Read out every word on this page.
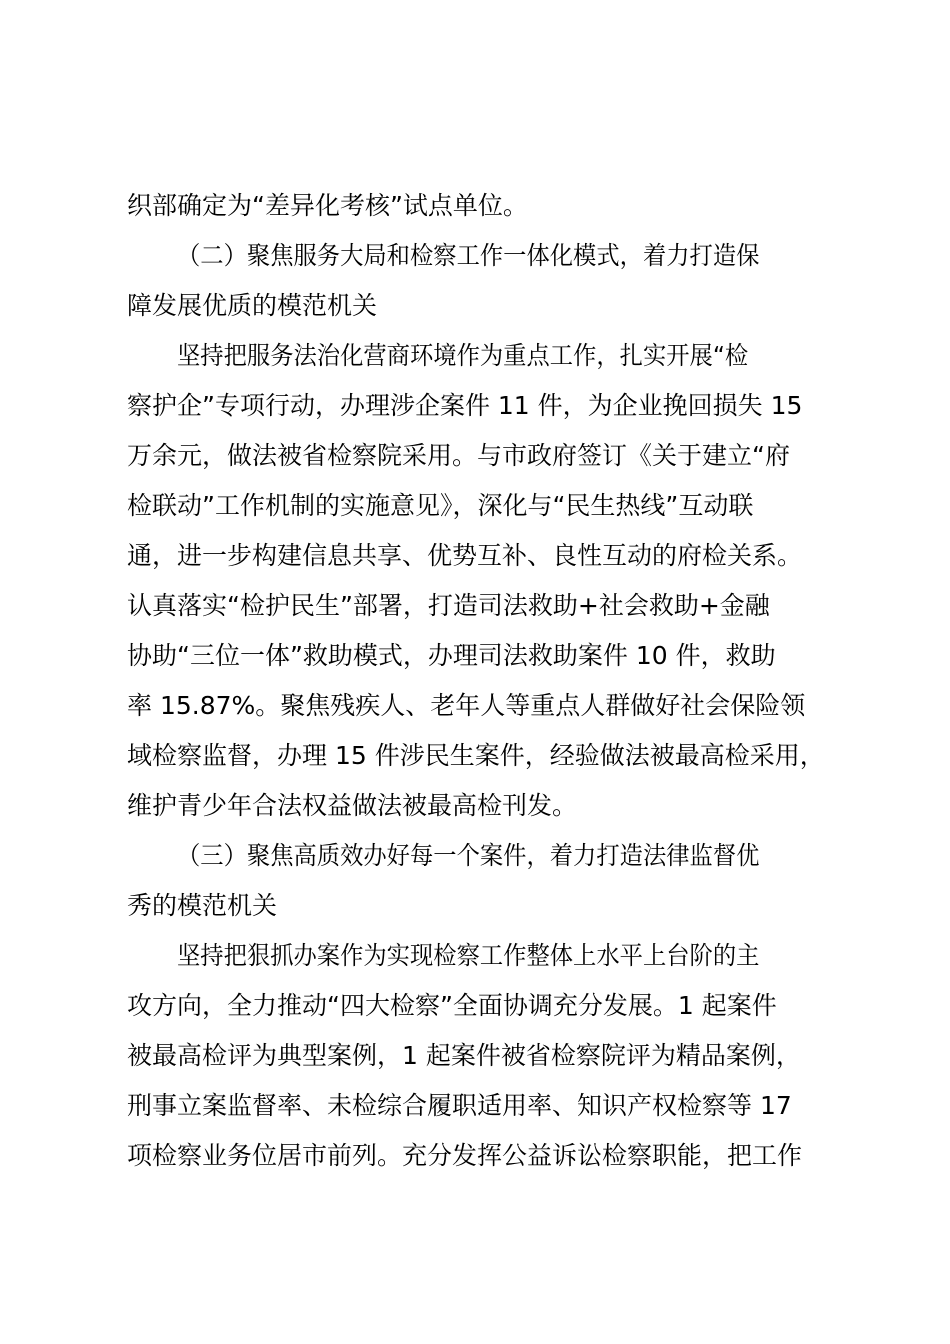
织部确定为“差异化考核”试点单位。
（二）聚焦服务大局和检察工作一体化模式，着力打造保
障发展优质的模范机关
坚持把服务法治化营商环境作为重点工作，扎实开展“检
察护企”专项行动，办理涉企案件 11 件，为企业挽回损失 15
万余元，做法被省检察院采用。与市政府签订《关于建立“府
检联动”工作机制的实施意见》，深化与“民生热线”互动联
通，进一步构建信息共享、优势互补、良性互动的府检关系。
认真落实“检护民生”部署，打造司法救助+社会救助+金融
协助“三位一体”救助模式，办理司法救助案件 10 件，救助
率 15.87%。聚焦残疾人、老年人等重点人群做好社会保险领
域检察监督，办理 15 件涉民生案件，经验做法被最高检采用，
维护青少年合法权益做法被最高检刊发。
（三）聚焦高质效办好每一个案件，着力打造法律监督优
秀的模范机关
坚持把狠抓办案作为实现检察工作整体上水平上台阶的主
攻方向，全力推动“四大检察”全面协调充分发展。1 起案件
被最高检评为典型案例，1 起案件被省检察院评为精品案例，
刑事立案监督率、未检综合履职适用率、知识产权检察等 17
项检察业务位居市前列。充分发挥公益诉讼检察职能，把工作
